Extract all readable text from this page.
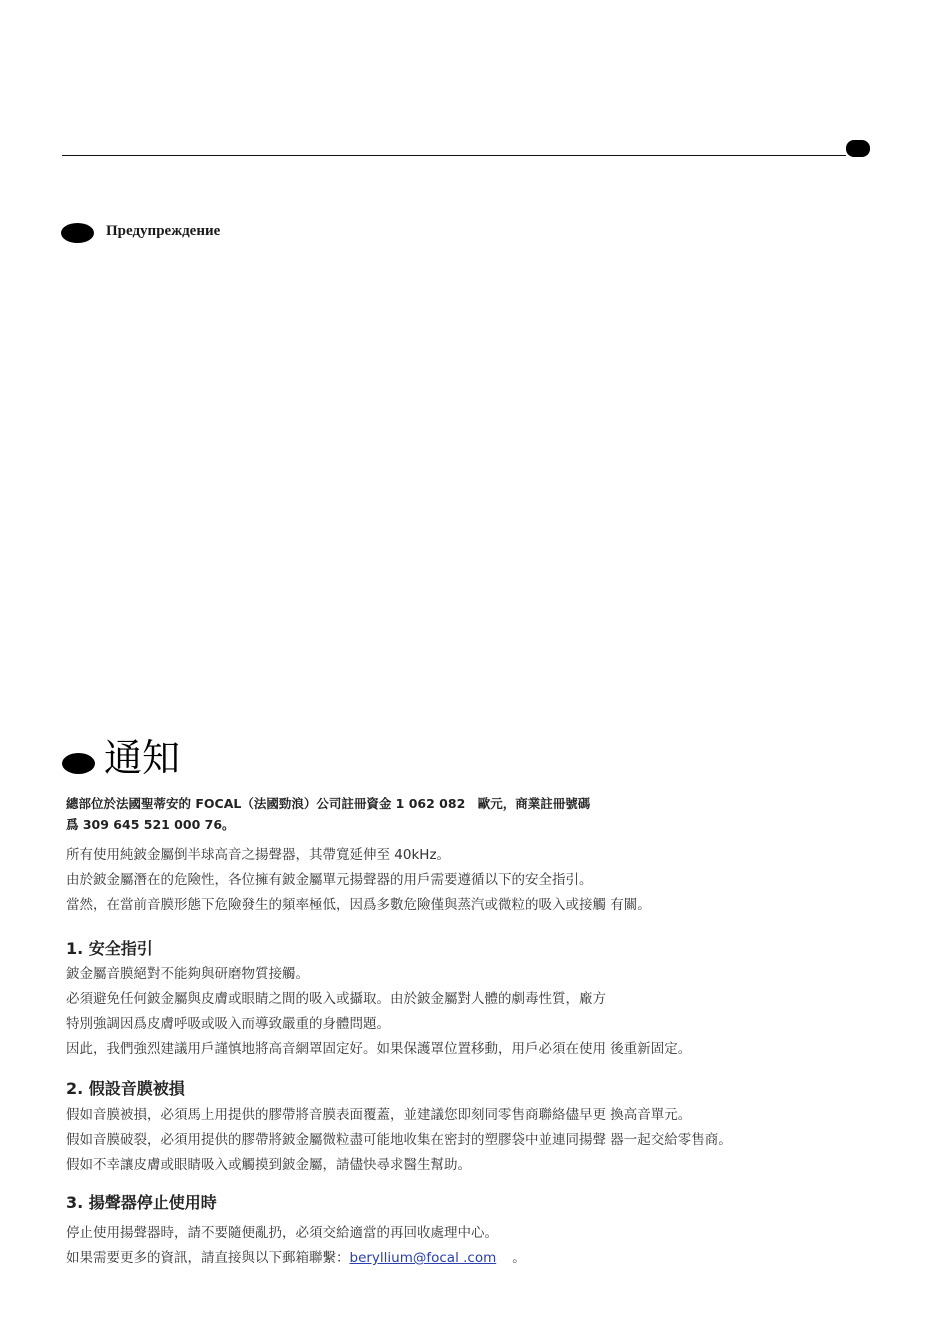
Предупреждение
通知
總部位於法國聖蒂安的 FOCAL（法國勁浪）公司註冊資金 1 062 082　歐元，商業註冊號碼
爲 309 645 521 000 76。
所有使用純鈹金屬倒半球高音之揚聲器，其帶寬延伸至 40kHz。
由於鈹金屬潛在的危險性，各位擁有鈹金屬單元揚聲器的用戶需要遵循以下的安全指引。
當然，在當前音膜形態下危險發生的頻率極低，因爲多數危險僅與蒸汽或微粒的吸入或接觸 有關。
1. 安全指引
鈹金屬音膜絕對不能夠與研磨物質接觸。
必須避免任何鈹金屬與皮膚或眼睛之間的吸入或攝取。由於鈹金屬對人體的劇毒性質，廠方
特別強調因爲皮膚呼吸或吸入而導致嚴重的身體問題。
因此，我們強烈建議用戶謹慎地將高音網罩固定好。如果保護罩位置移動，用戶必須在使用 後重新固定。
2. 假設音膜被損
假如音膜被損，必須馬上用提供的膠帶將音膜表面覆蓋，並建議您即刻同零售商聯絡儘早更 換高音單元。
假如音膜破裂，必須用提供的膠帶將鈹金屬微粒盡可能地收集在密封的塑膠袋中並連同揚聲 器一起交給零售商。
假如不幸讓皮膚或眼睛吸入或觸摸到鈹金屬，請儘快尋求醫生幫助。
3. 揚聲器停止使用時
停止使用揚聲器時，請不要隨便亂扔，必須交給適當的再回收處理中心。
如果需要更多的資訊，請直接與以下郵箱聯繫：beryllium@focal .com 。
